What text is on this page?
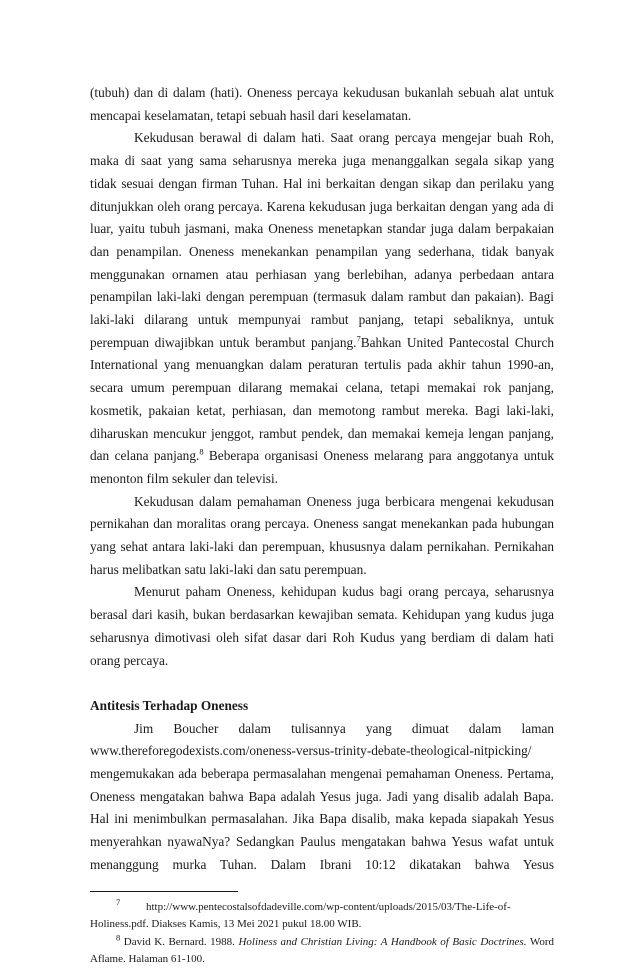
(tubuh) dan di dalam (hati). Oneness percaya kekudusan bukanlah sebuah alat untuk mencapai keselamatan, tetapi sebuah hasil dari keselamatan.

Kekudusan berawal di dalam hati. Saat orang percaya mengejar buah Roh, maka di saat yang sama seharusnya mereka juga menanggalkan segala sikap yang tidak sesuai dengan firman Tuhan. Hal ini berkaitan dengan sikap dan perilaku yang ditunjukkan oleh orang percaya. Karena kekudusan juga berkaitan dengan yang ada di luar, yaitu tubuh jasmani, maka Oneness menetapkan standar juga dalam berpakaian dan penampilan. Oneness menekankan penampilan yang sederhana, tidak banyak menggunakan ornamen atau perhiasan yang berlebihan, adanya perbedaan antara penampilan laki-laki dengan perempuan (termasuk dalam rambut dan pakaian). Bagi laki-laki dilarang untuk mempunyai rambut panjang, tetapi sebaliknya, untuk perempuan diwajibkan untuk berambut panjang.$^7$Bahkan United Pantecostal Church International yang menuangkan dalam peraturan tertulis pada akhir tahun 1990-an, secara umum perempuan dilarang memakai celana, tetapi memakai rok panjang, kosmetik, pakaian ketat, perhiasan, dan memotong rambut mereka. Bagi laki-laki, diharuskan mencukur jenggot, rambut pendek, dan memakai kemeja lengan panjang, dan celana panjang.$^8$ Beberapa organisasi Oneness melarang para anggotanya untuk menonton film sekuler dan televisi.

Kekudusan dalam pemahaman Oneness juga berbicara mengenai kekudusan pernikahan dan moralitas orang percaya. Oneness sangat menekankan pada hubungan yang sehat antara laki-laki dan perempuan, khususnya dalam pernikahan. Pernikahan harus melibatkan satu laki-laki dan satu perempuan.

Menurut paham Oneness, kehidupan kudus bagi orang percaya, seharusnya berasal dari kasih, bukan berdasarkan kewajiban semata. Kehidupan yang kudus juga seharusnya dimotivasi oleh sifat dasar dari Roh Kudus yang berdiam di dalam hati orang percaya.

Antitesis Terhadap Oneness

Jim Boucher dalam tulisannya yang dimuat dalam laman www.thereforegodexists.com/oneness-versus-trinity-debate-theological-nitpicking/

mengemukakan ada beberapa permasalahan mengenai pemahaman Oneness. Pertama, Oneness mengatakan bahwa Bapa adalah Yesus juga. Jadi yang disalib adalah Bapa. Hal ini menimbulkan permasalahan. Jika Bapa disalib, maka kepada siapakah Yesus menyerahkan nyawaNya? Sedangkan Paulus mengatakan bahwa Yesus wafat untuk menanggung murka Tuhan. Dalam Ibrani 10:12 dikatakan bahwa Yesus

$^7$ http://www.pentecostalsofdadeville.com/wp-content/uploads/2015/03/The-Life-of-Holiness.pdf. Diakses Kamis, 13 Mei 2021 pukul 18.00 WIB.

$^8$ David K. Bernard. 1988. Holiness and Christian Living: A Handbook of Basic Doctrines. Word Aflame. Halaman 61-100.
